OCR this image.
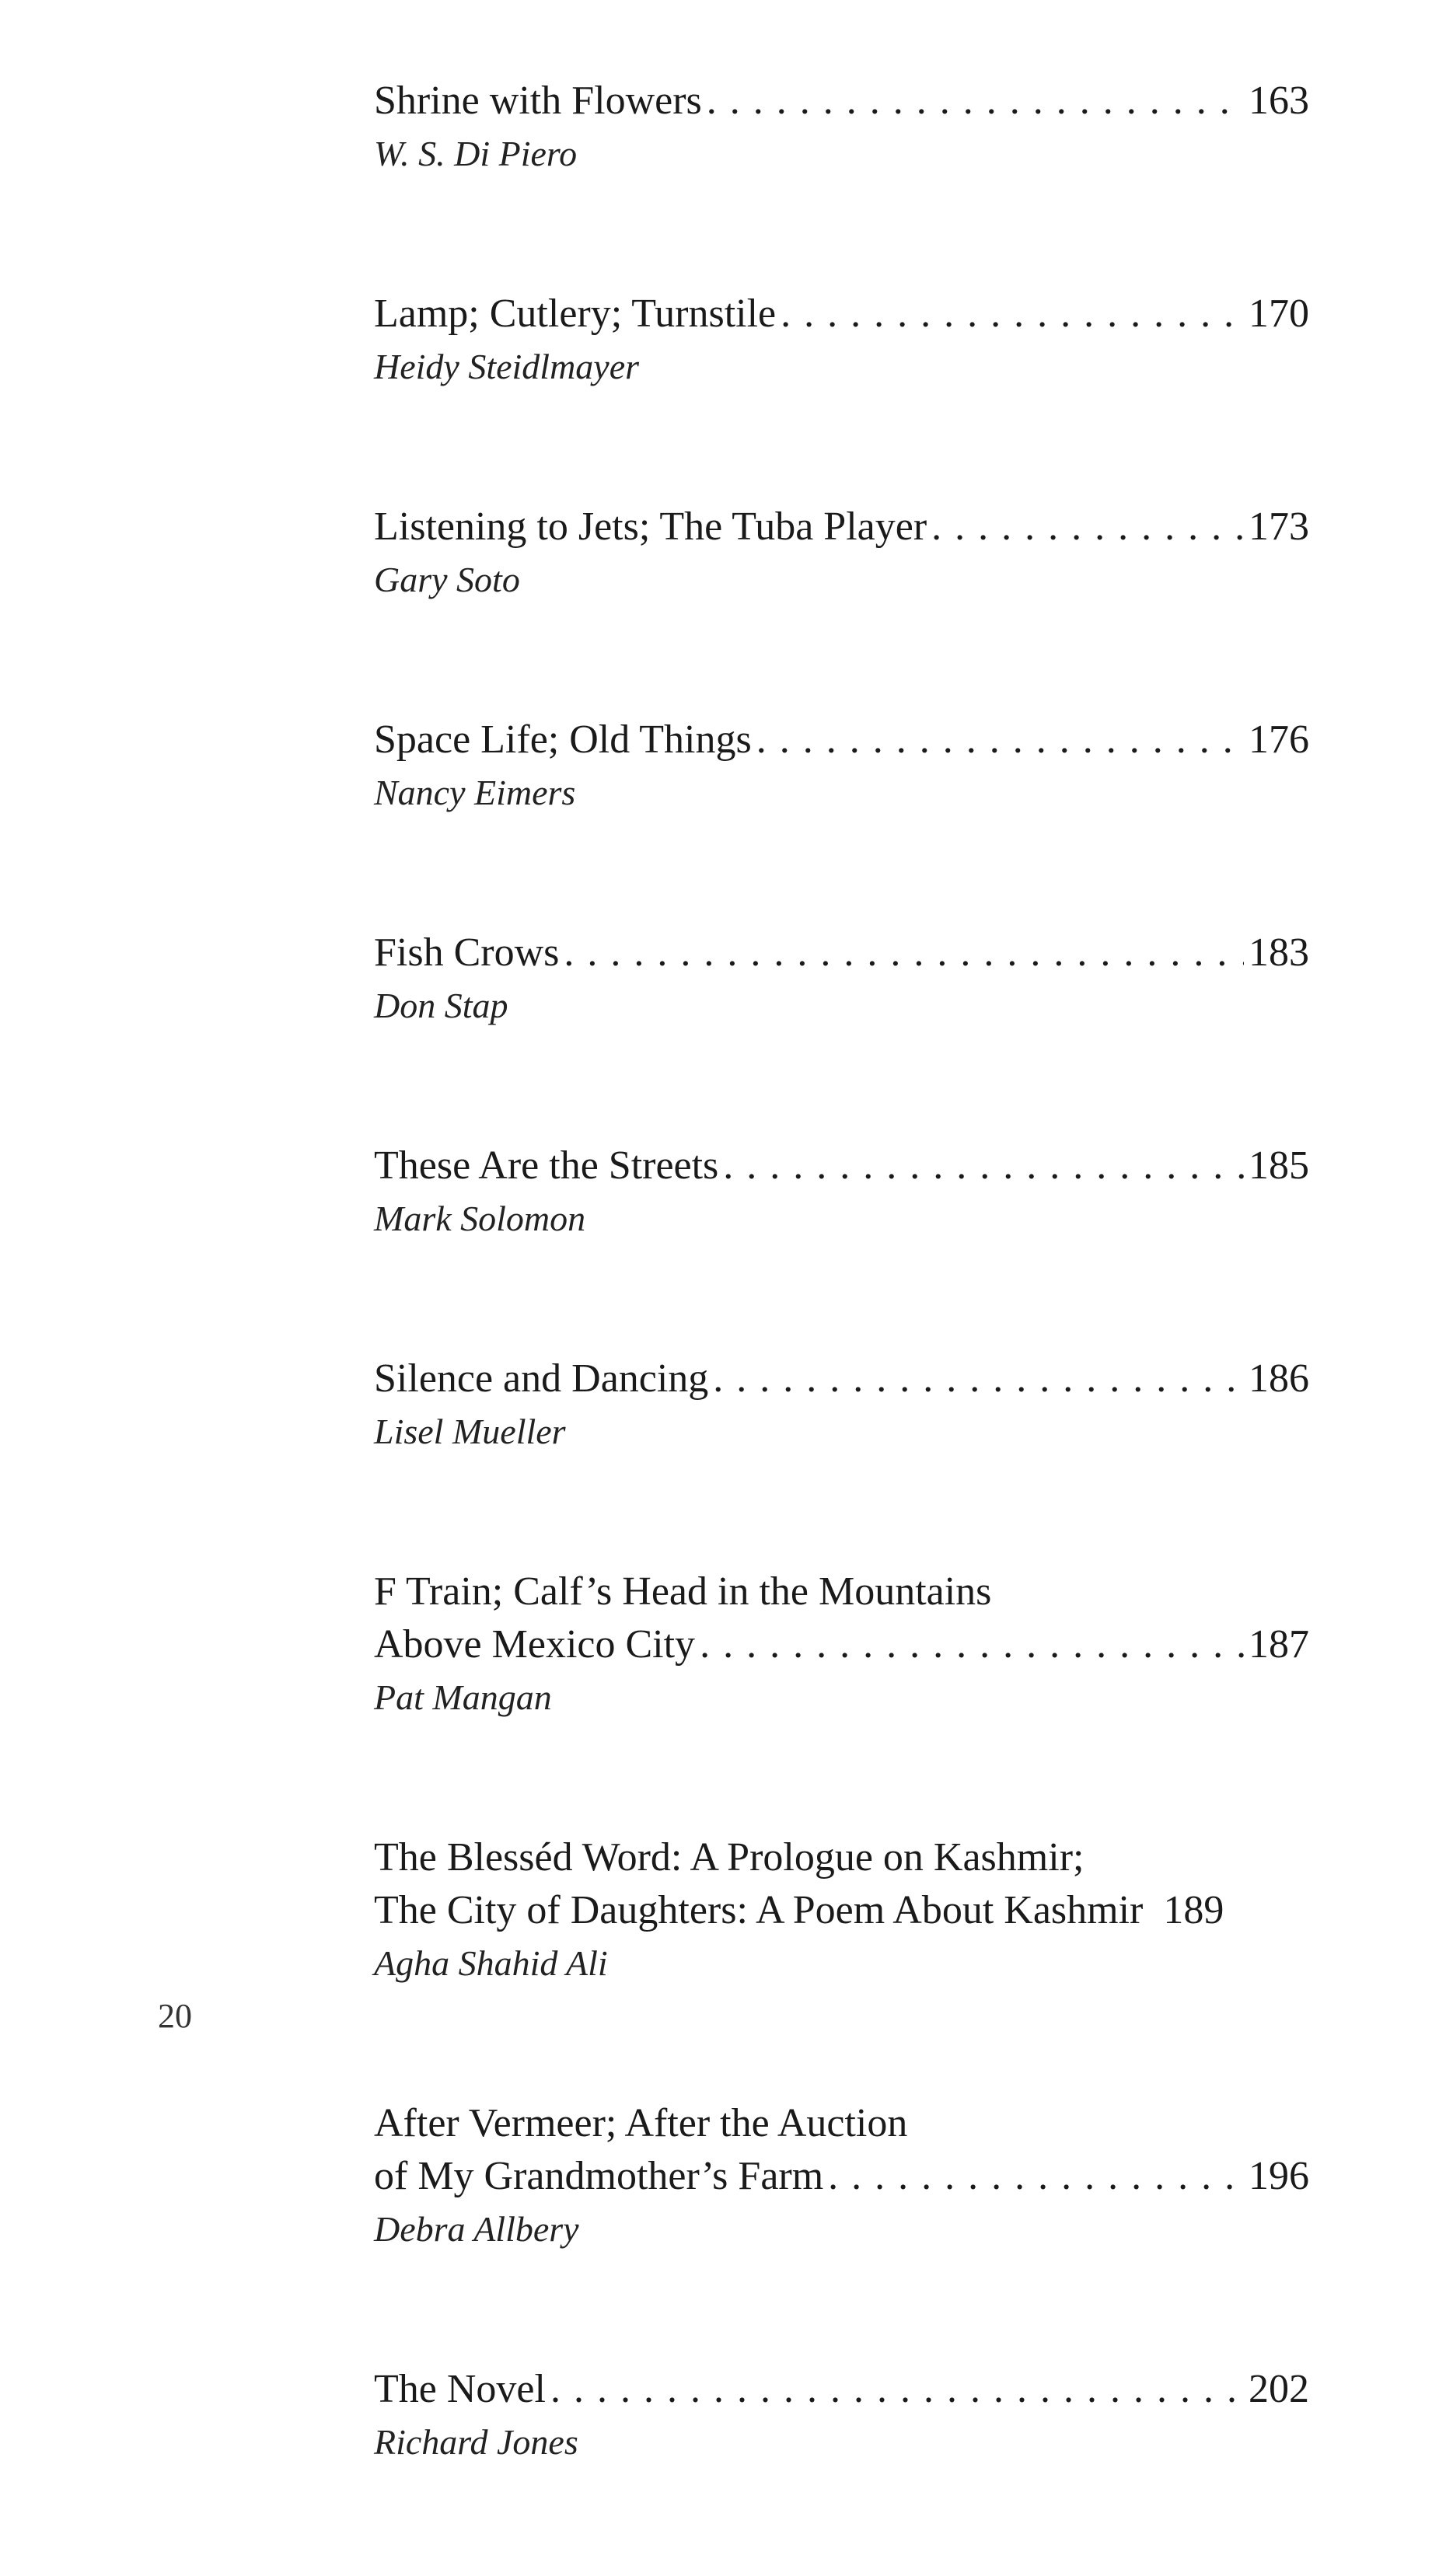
Shrine with Flowers . . .	163
W. S. Di Piero
Lamp; Cutlery; Turnstile . . .	170
Heidy Steidlmayer
Listening to Jets; The Tuba Player . . .	173
Gary Soto
Space Life; Old Things . . .	176
Nancy Eimers
Fish Crows . . .	183
Don Stap
These Are the Streets . . .	185
Mark Solomon
Silence and Dancing . . .	186
Lisel Mueller
F Train; Calf’s Head in the Mountains
Above Mexico City . . .	187
Pat Mangan
The Blesséd Word: A Prologue on Kashmir;
The City of Daughters: A Poem About Kashmir 189
Agha Shahid Ali
After Vermeer; After the Auction
of My Grandmother’s Farm . . .	196
Debra Allbery
The Novel . . .	202
Richard Jones
20
